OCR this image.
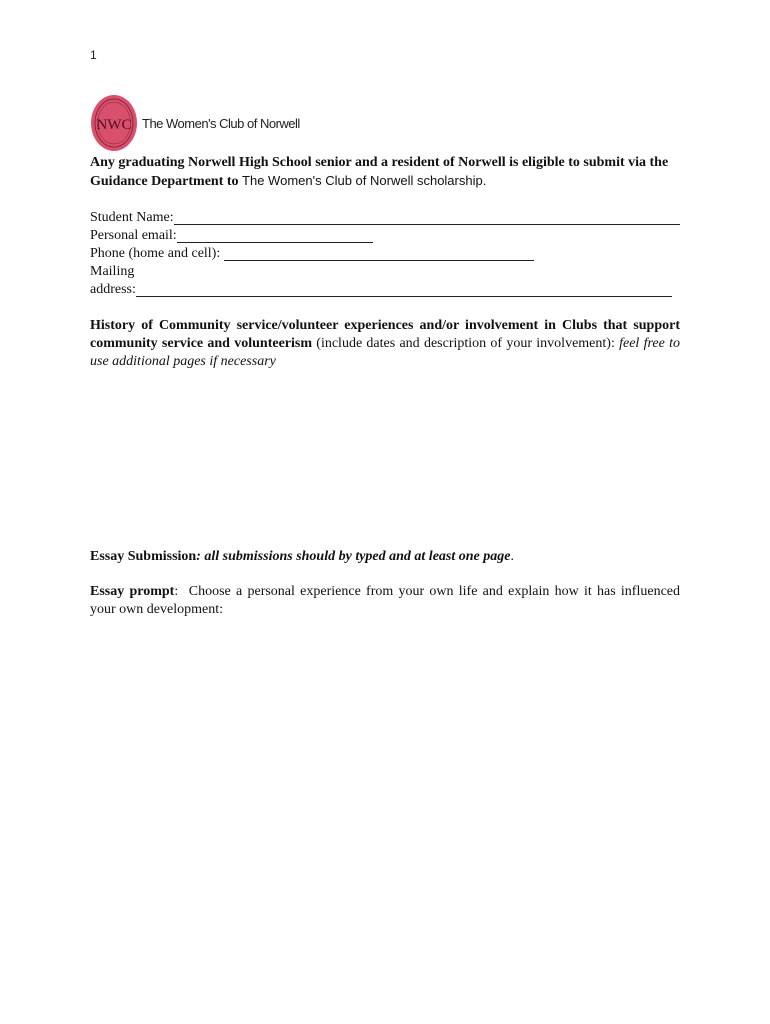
1
NWC The Women's Club of Norwell

Any graduating Norwell High School senior and a resident of Norwell is eligible to submit via the Guidance Department to The Women's Club of Norwell scholarship.

Student Name:
Personal email:
Phone (home and cell):
Mailing
address:
History of Community service/volunteer experiences and/or involvement in Clubs that support community service and volunteerism (include dates and description of your involvement): feel free to use additional pages if necessary
Essay Submission: all submissions should by typed and at least one page.
Essay prompt:  Choose a personal experience from your own life and explain how it has influenced your own development:
